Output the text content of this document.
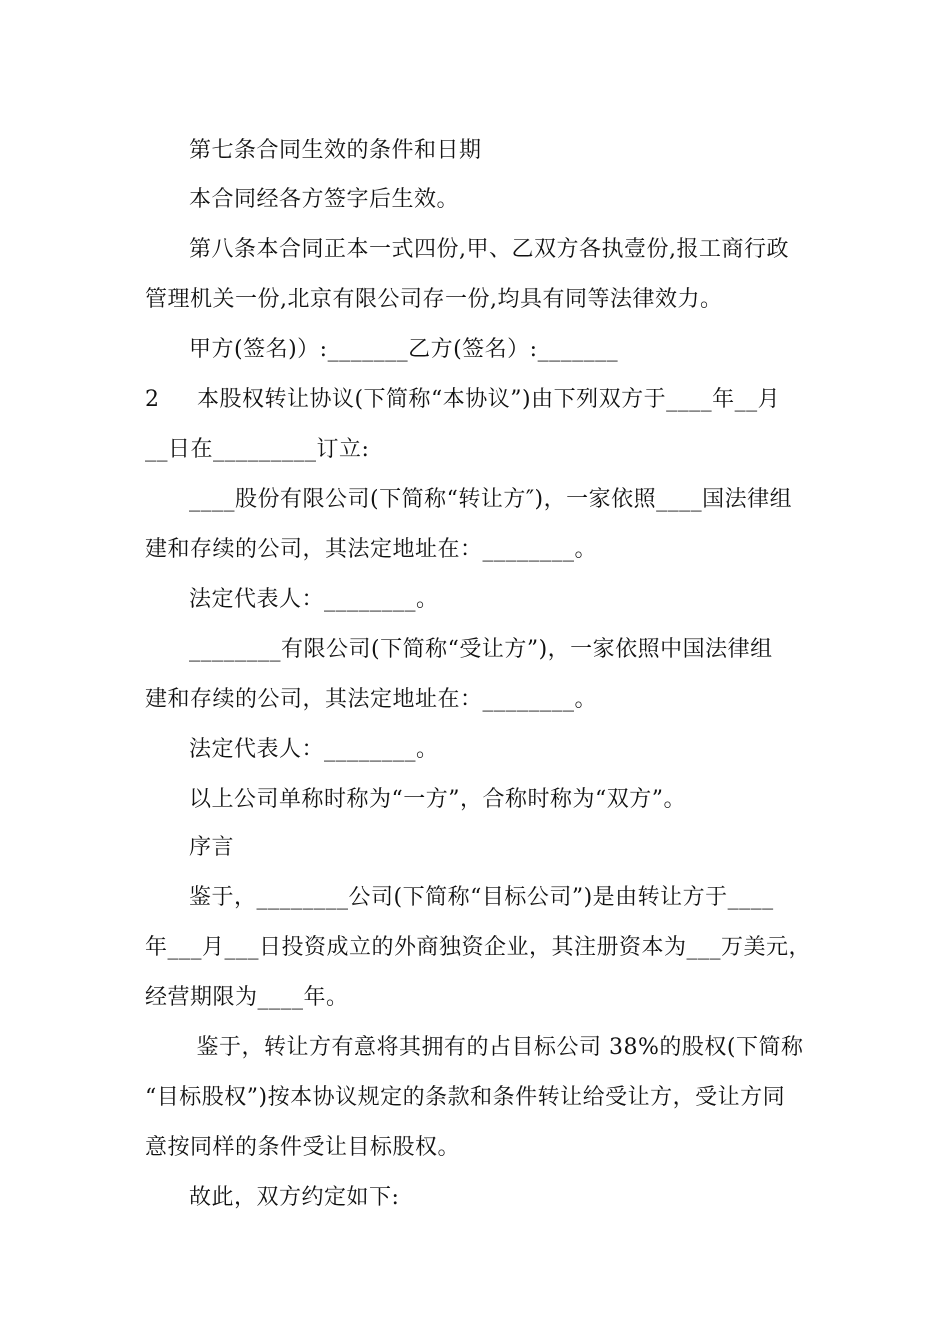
第七条合同生效的条件和日期
本合同经各方签字后生效。
第八条本合同正本一式四份,甲、乙双方各执壹份,报工商行政
管理机关一份,北京有限公司存一份,均具有同等法律效力。
甲方(签名)）:_______乙方(签名）:_______
2     本股权转让协议(下简称“本协议”)由下列双方于____年__月
__日在_________订立:
____股份有限公司(下简称“转让方″)，一家依照____国法律组
建和存续的公司，其法定地址在：________。
法定代表人：________。
________有限公司(下简称“受让方”)，一家依照中国法律组
建和存续的公司，其法定地址在：________。
法定代表人：________。
以上公司单称时称为“一方”，合称时称为“双方”。
序言
鉴于，________公司(下简称“目标公司”)是由转让方于____
年___月___日投资成立的外商独资企业，其注册资本为___万美元，
经营期限为____年。
鉴于，转让方有意将其拥有的占目标公司 38%的股权(下简称
“目标股权”)按本协议规定的条款和条件转让给受让方，受让方同
意按同样的条件受让目标股权。
故此，双方约定如下:
